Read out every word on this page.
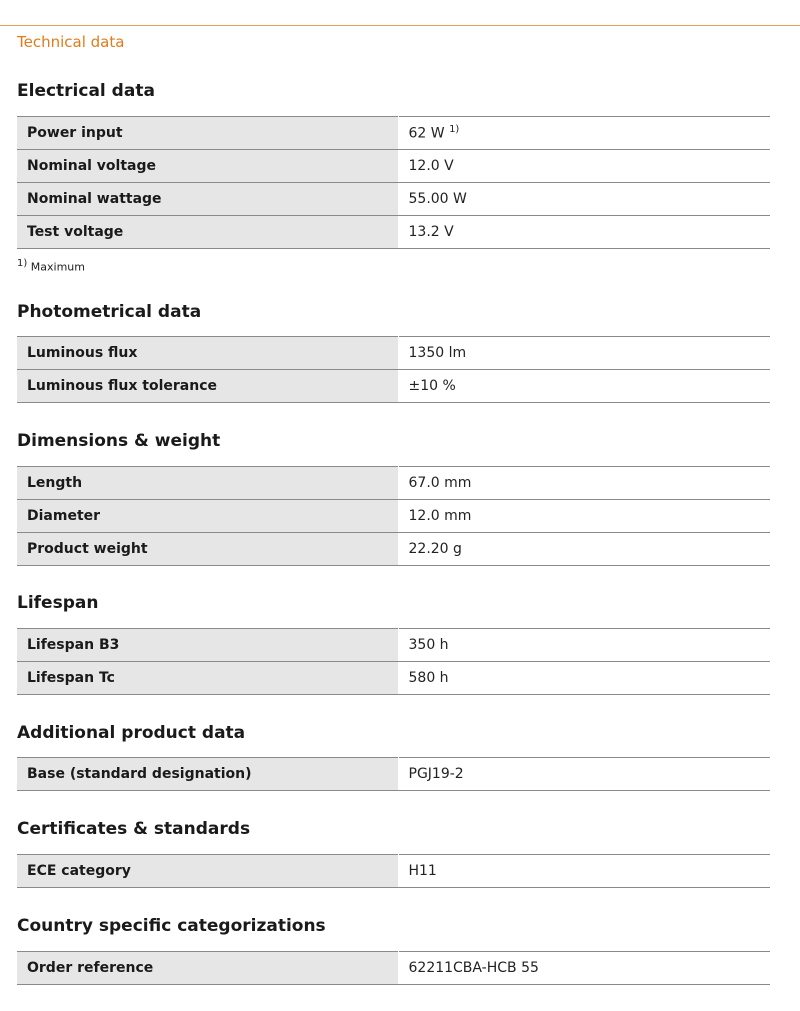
Technical data
Electrical data
Power input	62 W $^{1)}$
Nominal voltage	12.0 V
Nominal wattage	55.00 W
Test voltage	13.2 V
$^{1)}$ Maximum
Photometrical data
Luminous flux	1350 lm
Luminous flux tolerance	±10 %
Dimensions & weight
Length	67.0 mm
Diameter	12.0 mm
Product weight	22.20 g
Lifespan
Lifespan B3	350 h
Lifespan Tc	580 h
Additional product data
Base (standard designation)	PGJ19-2
Certificates & standards
ECE category	H11
Country specific categorizations
Order reference	62211CBA-HCB 55
